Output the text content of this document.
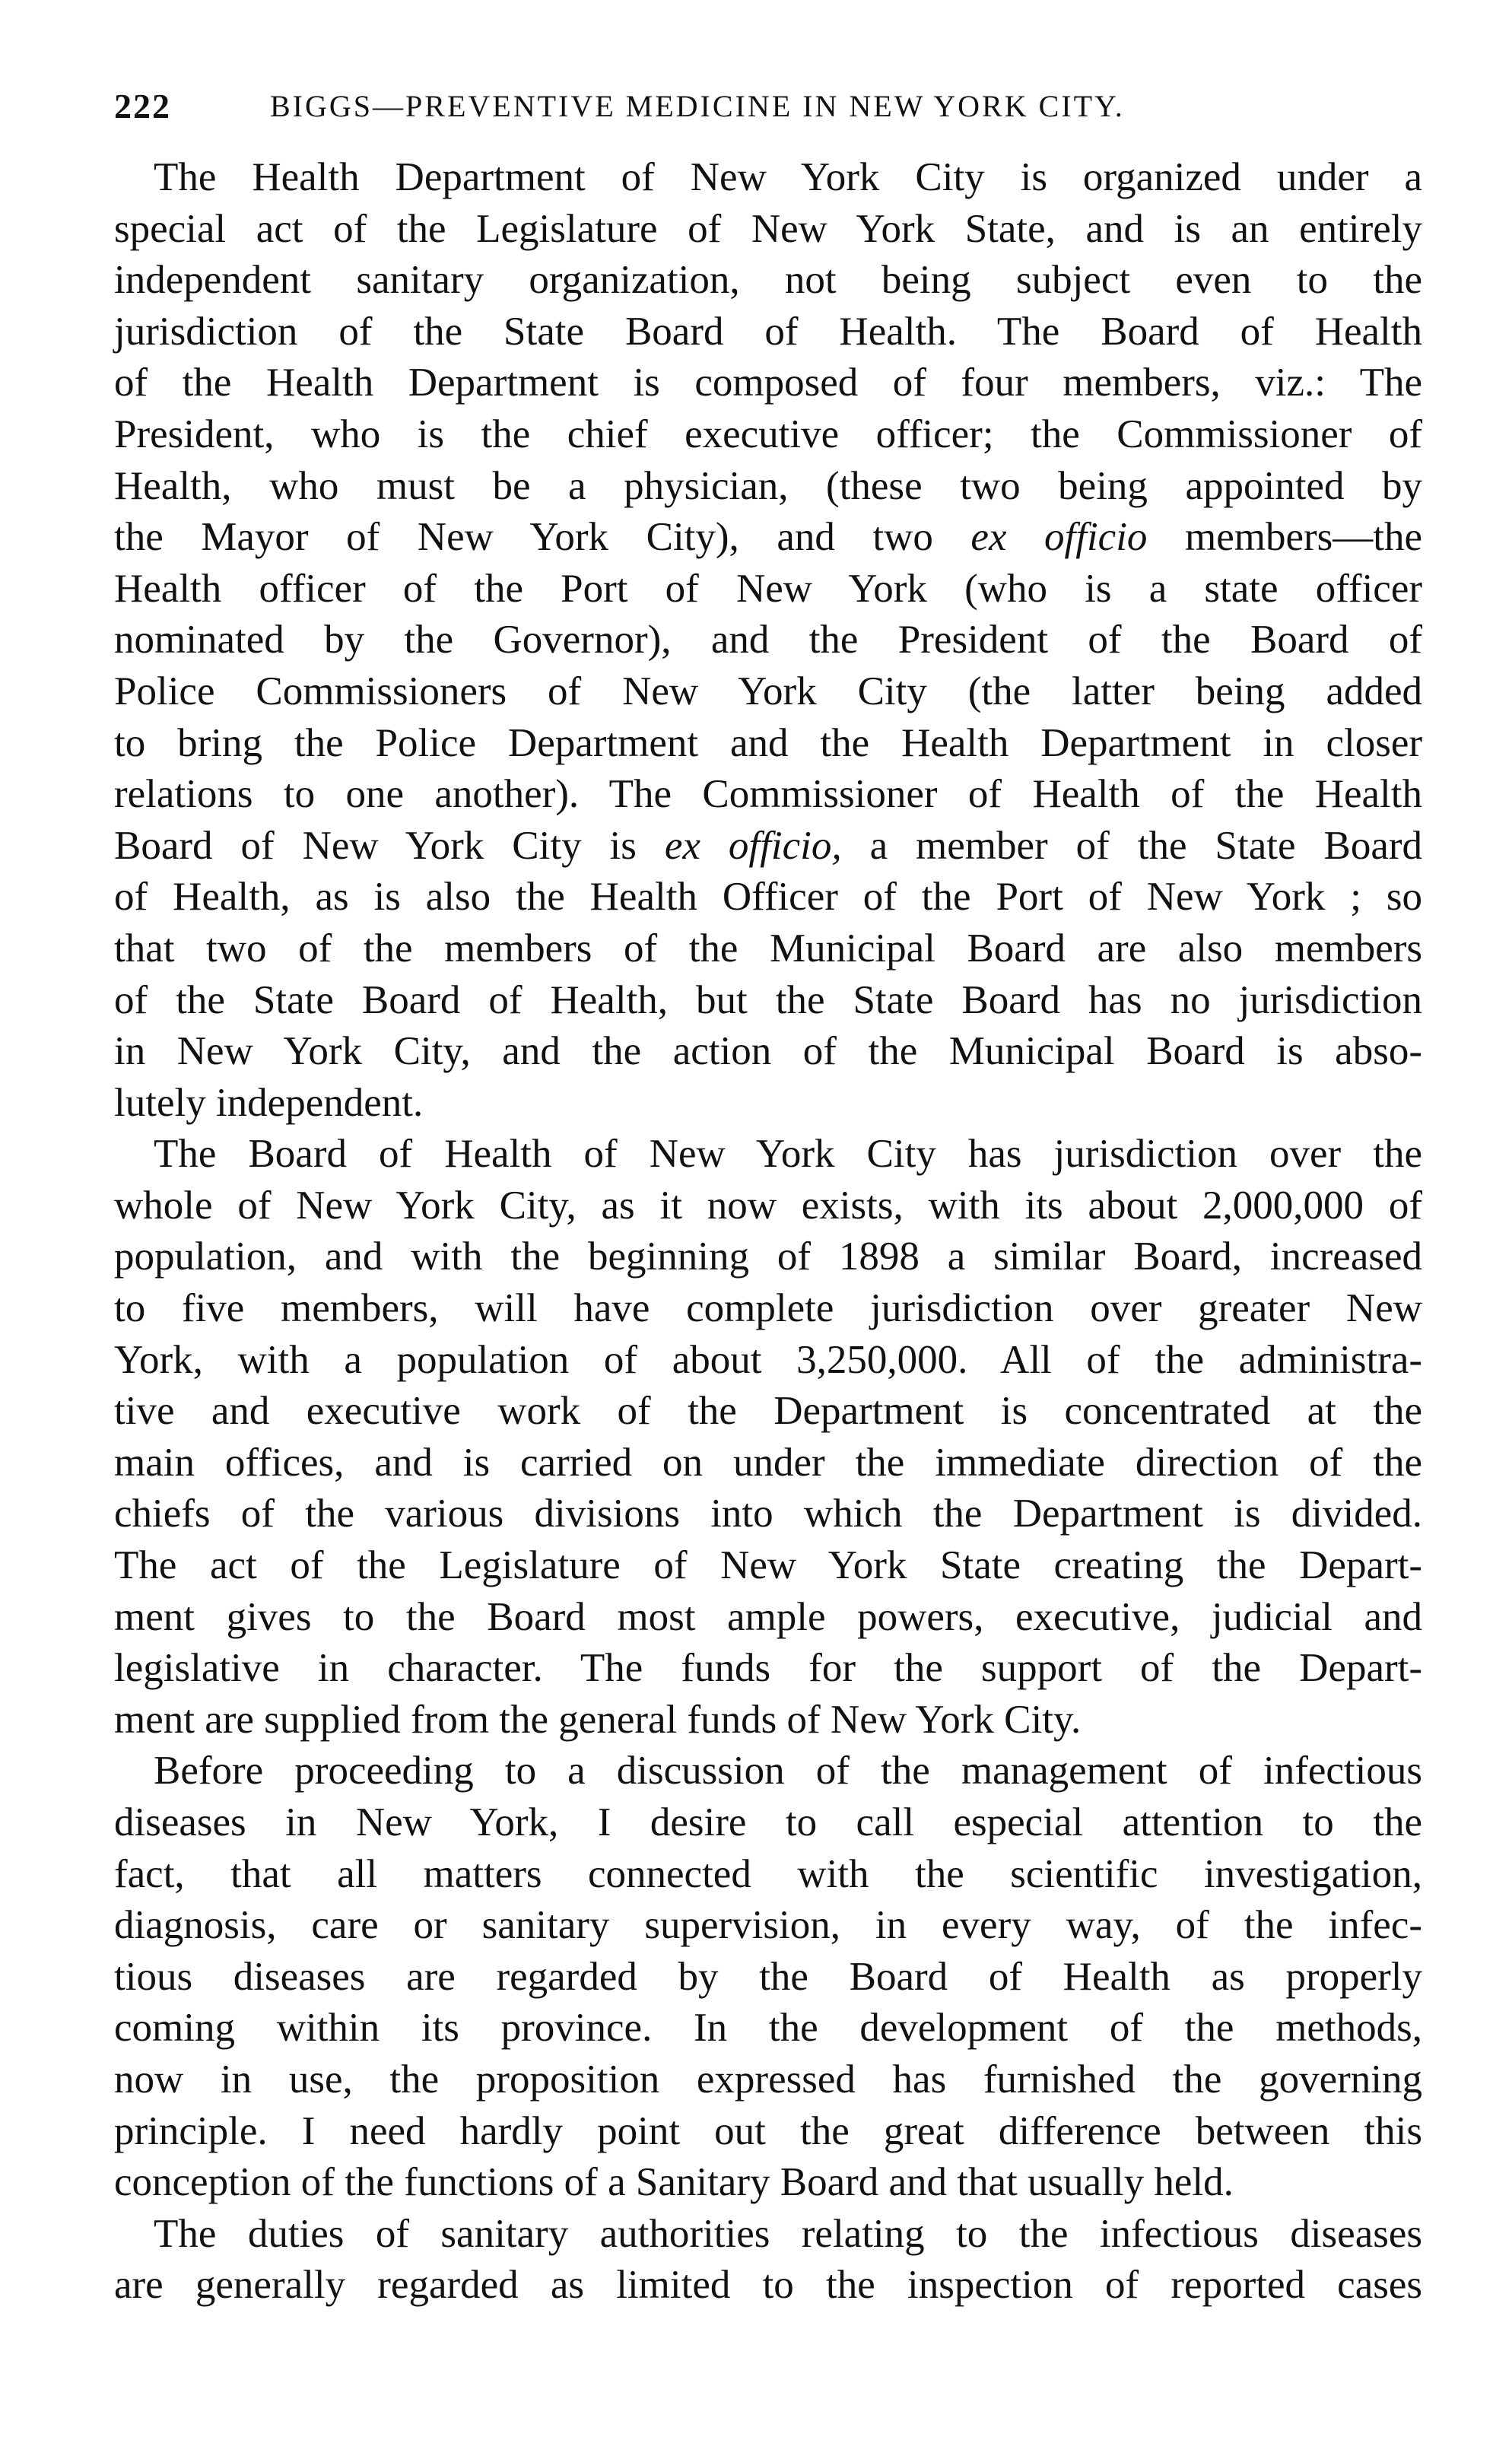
222	BIGGS—PREVENTIVE MEDICINE IN NEW YORK CITY.

The Health Department of New York City is organized under a
special act of the Legislature of New York State, and is an entirely
independent sanitary organization, not being subject even to the
jurisdiction of the State Board of Health. The Board of Health
of the Health Department is composed of four members, viz.: The
President, who is the chief executive officer; the Commissioner of
Health, who must be a physician, (these two being appointed by
the Mayor of New York City), and two ex officio members—the
Health officer of the Port of New York (who is a state officer
nominated by the Governor), and the President of the Board of
Police Commissioners of New York City (the latter being added
to bring the Police Department and the Health Department in closer
relations to one another). The Commissioner of Health of the Health
Board of New York City is ex officio, a member of the State Board
of Health, as is also the Health Officer of the Port of New York ; so
that two of the members of the Municipal Board are also members
of the State Board of Health, but the State Board has no jurisdiction
in New York City, and the action of the Municipal Board is abso-
lutely independent.

The Board of Health of New York City has jurisdiction over the
whole of New York City, as it now exists, with its about 2,000,000 of
population, and with the beginning of 1898 a similar Board, increased
to five members, will have complete jurisdiction over greater New
York, with a population of about 3,250,000. All of the administra-
tive and executive work of the Department is concentrated at the
main offices, and is carried on under the immediate direction of the
chiefs of the various divisions into which the Department is divided.
The act of the Legislature of New York State creating the Depart-
ment gives to the Board most ample powers, executive, judicial and
legislative in character. The funds for the support of the Depart-
ment are supplied from the general funds of New York City.

Before proceeding to a discussion of the management of infectious
diseases in New York, I desire to call especial attention to the
fact, that all matters connected with the scientific investigation,
diagnosis, care or sanitary supervision, in every way, of the infec-
tious diseases are regarded by the Board of Health as properly
coming within its province. In the development of the methods,
now in use, the proposition expressed has furnished the governing
principle. I need hardly point out the great difference between this
conception of the functions of a Sanitary Board and that usually held.

The duties of sanitary authorities relating to the infectious diseases
are generally regarded as limited to the inspection of reported cases
